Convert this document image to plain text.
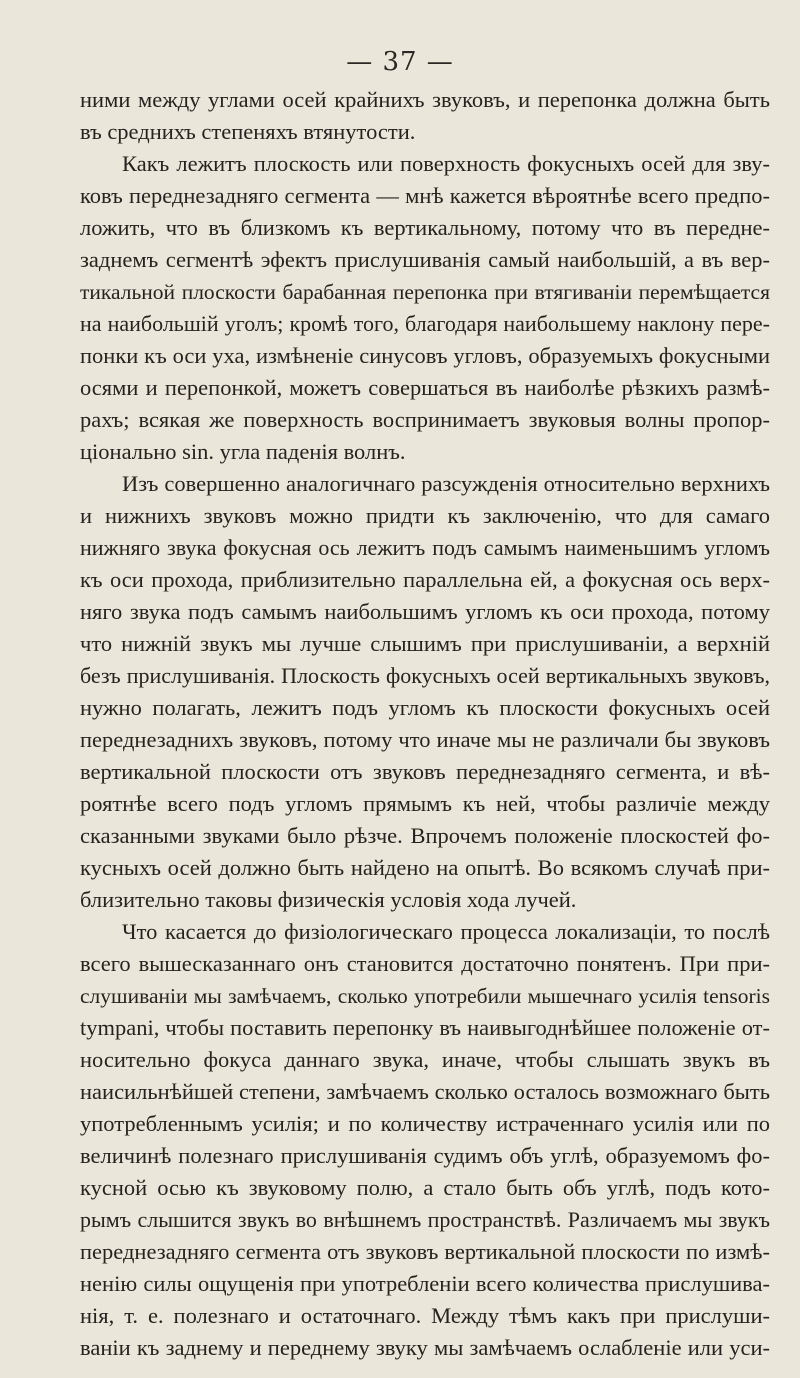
— 37 —
ними между углами осей крайнихъ звуковъ, и перепонка должна быть
въ среднихъ степеняхъ втянутости.
Какъ лежитъ плоскость или поверхность фокусныхъ осей для зву-
ковъ переднезадняго сегмента — мнѣ кажется вѣроятнѣе всего предпо-
ложить, что въ близкомъ къ вертикальному, потому что въ передне-
заднемъ сегментѣ эфектъ прислушиванія самый наибольшій, а въ вер-
тикальной плоскости барабанная перепонка при втягиваніи перемѣщается
на наибольшій уголъ; кромѣ того, благодаря наибольшему наклону пере-
понки къ оси уха, измѣненіе синусовъ угловъ, образуемыхъ фокусными
осями и перепонкой, можетъ совершаться въ наиболѣе рѣзкихъ размѣ-
рахъ; всякая же поверхность воспринимаетъ звуковыя волны пропор-
ціонально sin. угла паденія волнъ.
Изъ совершенно аналогичнаго разсужденія относительно верхнихъ
и нижнихъ звуковъ можно придти къ заключенію, что для самаго
нижняго звука фокусная ось лежитъ подъ самымъ наименьшимъ угломъ
къ оси прохода, приблизительно параллельна ей, а фокусная ось верх-
няго звука подъ самымъ наибольшимъ угломъ къ оси прохода, потому
что нижній звукъ мы лучше слышимъ при прислушиваніи, а верхній
безъ прислушиванія. Плоскость фокусныхъ осей вертикальныхъ звуковъ,
нужно полагать, лежитъ подъ угломъ къ плоскости фокусныхъ осей
переднезаднихъ звуковъ, потому что иначе мы не различали бы звуковъ
вертикальной плоскости отъ звуковъ переднезадняго сегмента, и вѣ-
роятнѣе всего подъ угломъ прямымъ къ ней, чтобы различіе между
сказанными звуками было рѣзче. Впрочемъ положеніе плоскостей фо-
кусныхъ осей должно быть найдено на опытѣ. Во всякомъ случаѣ при-
близительно таковы физическія условія хода лучей.
Что касается до физіологическаго процесса локализаціи, то послѣ
всего вышесказаннаго онъ становится достаточно понятенъ. При при-
слушиваніи мы замѣчаемъ, сколько употребили мышечнаго усилія tensoris
tympani, чтобы поставить перепонку въ наивыгоднѣйшее положеніе от-
носительно фокуса даннаго звука, иначе, чтобы слышать звукъ въ
наисильнѣйшей степени, замѣчаемъ сколько осталось возможнаго быть
употребленнымъ усилія; и по количеству истраченнаго усилія или по
величинѣ полезнаго прислушиванія судимъ объ углѣ, образуемомъ фо-
кусной осью къ звуковому полю, а стало быть объ углѣ, подъ кото-
рымъ слышится звукъ во внѣшнемъ пространствѣ. Различаемъ мы звукъ
переднезадняго сегмента отъ звуковъ вертикальной плоскости по измѣ-
ненію силы ощущенія при употребленіи всего количества прислушива-
нія, т. е. полезнаго и остаточнаго. Между тѣмъ какъ при прислуши-
ваніи къ заднему и переднему звуку мы замѣчаемъ ослабленіе или уси-
